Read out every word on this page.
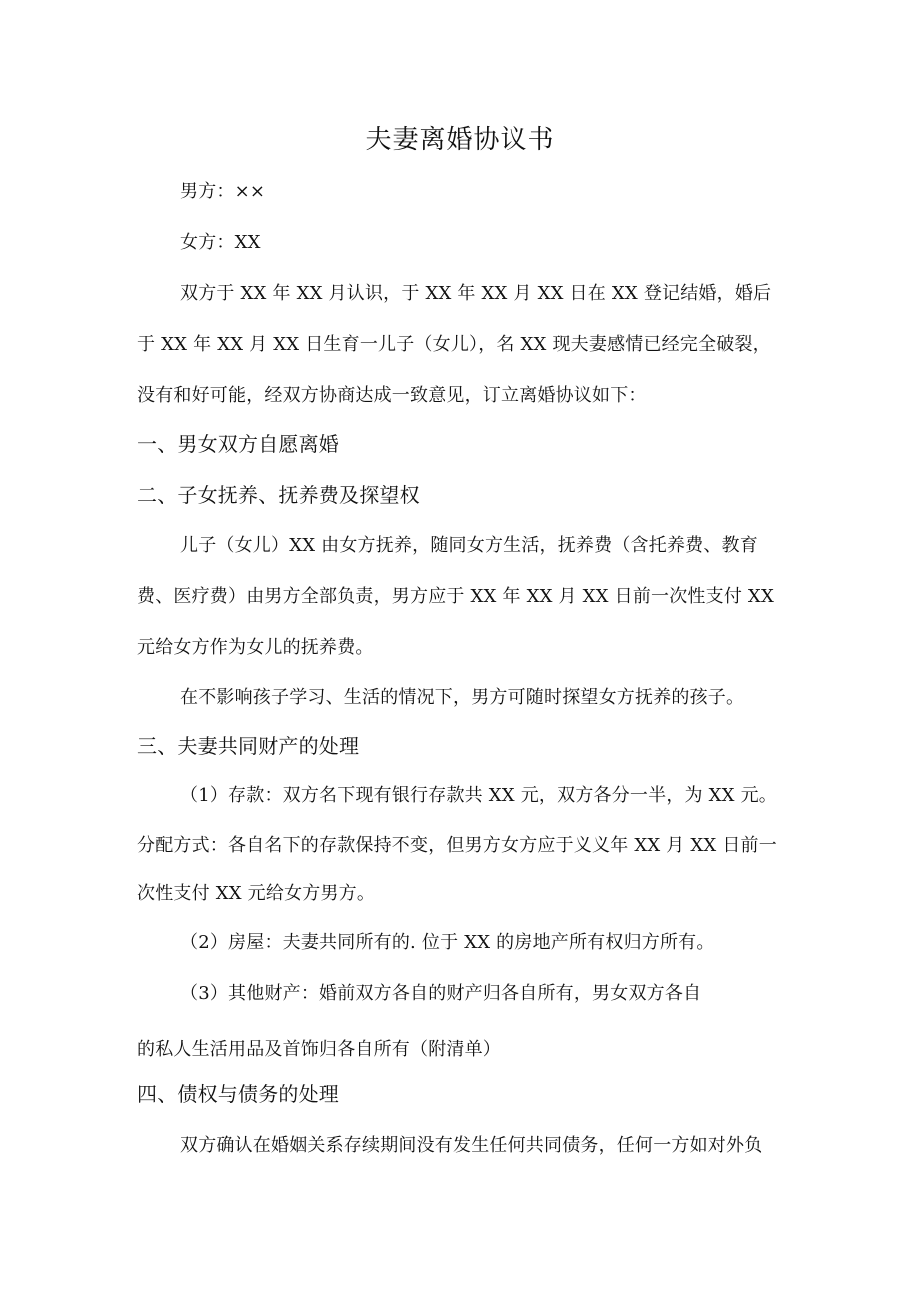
夫妻离婚协议书
男方：××
女方：XX
双方于 XX 年 XX 月认识，于 XX 年 XX 月 XX 日在 XX 登记结婚，婚后
于 XX 年 XX 月 XX 日生育一儿子（女儿），名 XX 现夫妻感情已经完全破裂，
没有和好可能，经双方协商达成一致意见，订立离婚协议如下：
一、男女双方自愿离婚
二、子女抚养、抚养费及探望权
儿子（女儿）XX 由女方抚养，随同女方生活，抚养费（含托养费、教育
费、医疗费）由男方全部负责，男方应于 XX 年 XX 月 XX 日前一次性支付 XX
元给女方作为女儿的抚养费。
在不影响孩子学习、生活的情况下，男方可随时探望女方抚养的孩子。
三、夫妻共同财产的处理
（1）存款：双方名下现有银行存款共 XX 元，双方各分一半，为 XX 元。
分配方式：各自名下的存款保持不变，但男方女方应于义义年 XX 月 XX 日前一
次性支付 XX 元给女方男方。
（2）房屋：夫妻共同所有的. 位于 XX 的房地产所有权归方所有。
（3）其他财产：婚前双方各自的财产归各自所有，男女双方各自
的私人生活用品及首饰归各自所有（附清单）
四、债权与债务的处理
双方确认在婚姻关系存续期间没有发生任何共同债务，任何一方如对外负
